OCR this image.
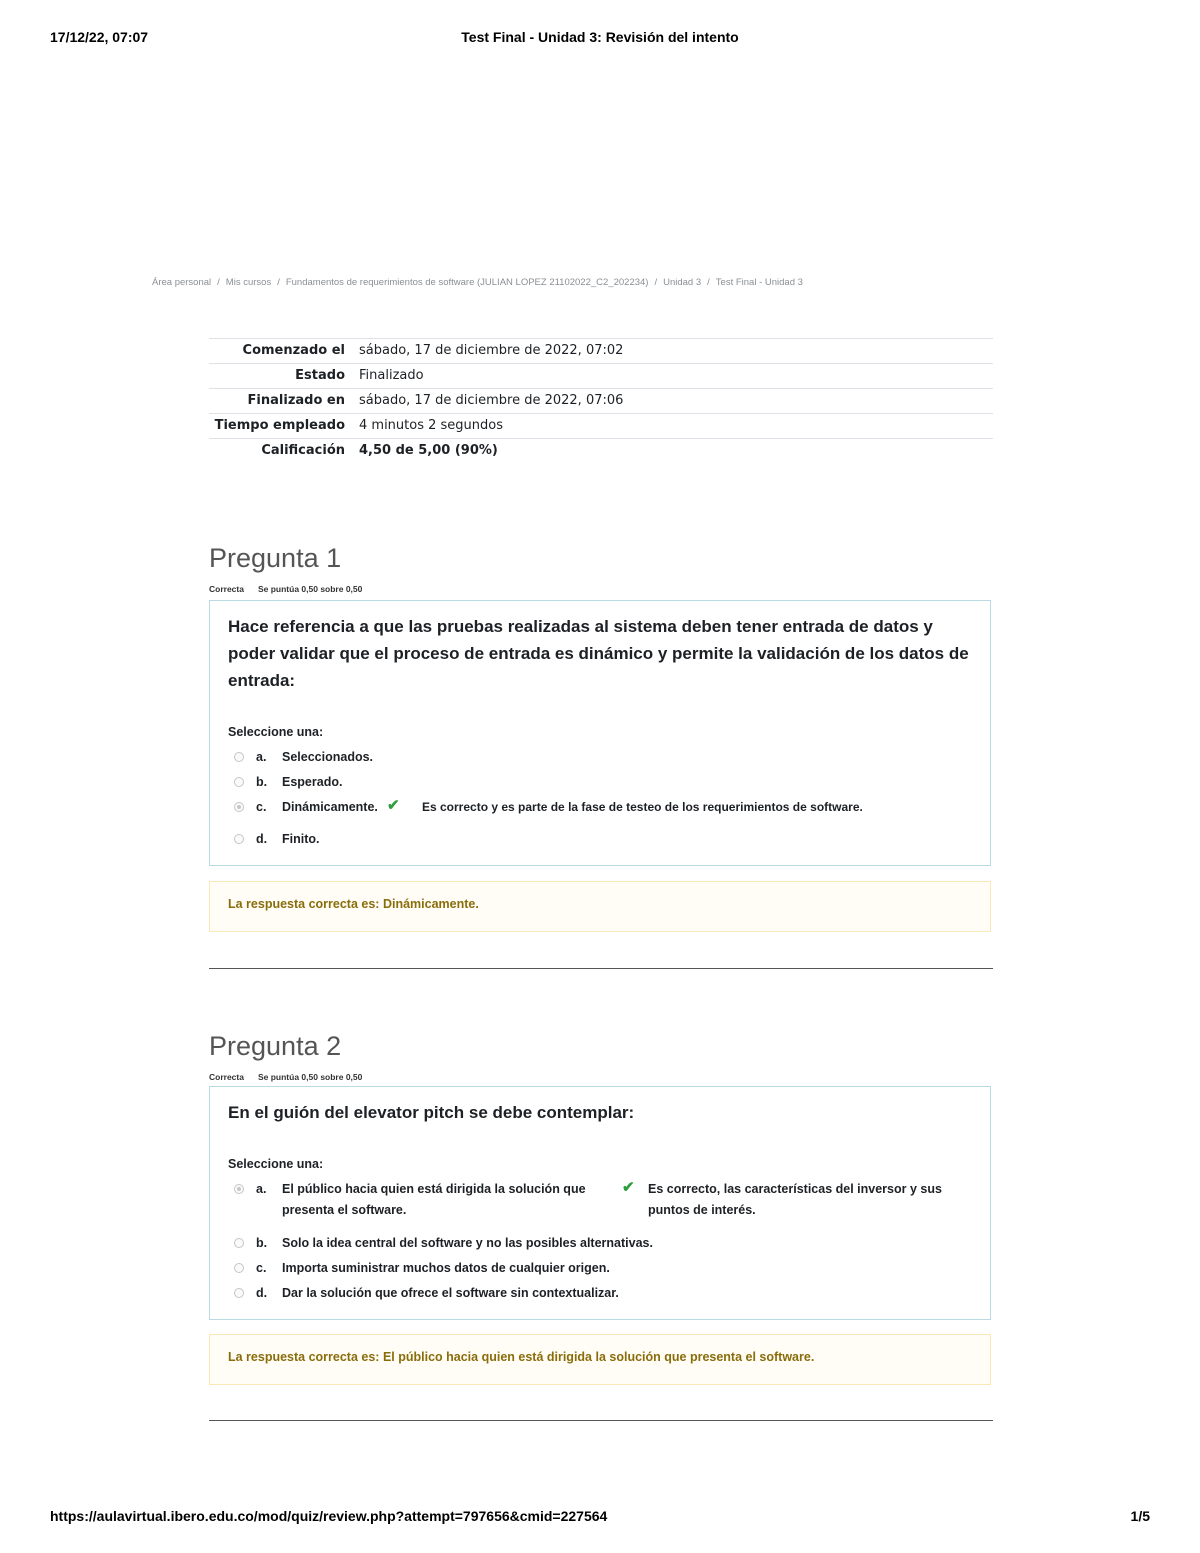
17/12/22, 07:07	Test Final - Unidad 3: Revisión del intento
Área personal / Mis cursos / Fundamentos de requerimientos de software (JULIAN LOPEZ 21102022_C2_202234) / Unidad 3 / Test Final - Unidad 3
Comenzado el	sábado, 17 de diciembre de 2022, 07:02
Estado	Finalizado
Finalizado en	sábado, 17 de diciembre de 2022, 07:06
Tiempo empleado	4 minutos 2 segundos
Calificación	4,50 de 5,00 (90%)
Pregunta 1
Correcta Se puntúa 0,50 sobre 0,50
Hace referencia a que las pruebas realizadas al sistema deben tener entrada de datos y poder validar que el proceso de entrada es dinámico y permite la validación de los datos de entrada:
Seleccione una:
a. Seleccionados.
b. Esperado.
c. Dinámicamente. ✔ Es correcto y es parte de la fase de testeo de los requerimientos de software.
d. Finito.
La respuesta correcta es: Dinámicamente.
Pregunta 2
Correcta Se puntúa 0,50 sobre 0,50
En el guión del elevator pitch se debe contemplar:
Seleccione una:
a. El público hacia quien está dirigida la solución que
presenta el software.
✔ Es correcto, las características del inversor y sus
puntos de interés.
b. Solo la idea central del software y no las posibles alternativas.
c. Importa suministrar muchos datos de cualquier origen.
d. Dar la solución que ofrece el software sin contextualizar.
La respuesta correcta es: El público hacia quien está dirigida la solución que presenta el software.
https://aulavirtual.ibero.edu.co/mod/quiz/review.php?attempt=797656&cmid=227564	1/5
